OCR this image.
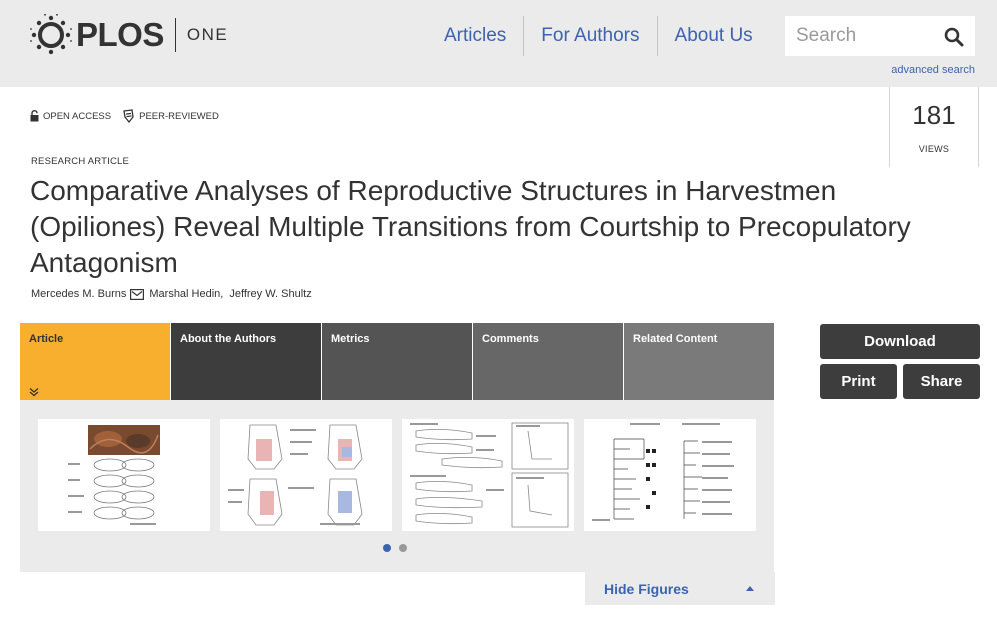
PLOS ONE	Articles	For Authors	About Us
Search
advanced search
OPEN ACCESS	PEER-REVIEWED	181
VIEWS
RESEARCH ARTICLE
Comparative Analyses of Reproductive Structures in Harvestmen (Opiliones) Reveal Multiple Transitions from Courtship to Precopulatory Antagonism
Mercedes M. Burns Marshal Hedin, Jeffrey W. Shultz
Article	About the Authors	Metrics	Comments	Related Content
Hide Figures
Download
Print	Share
